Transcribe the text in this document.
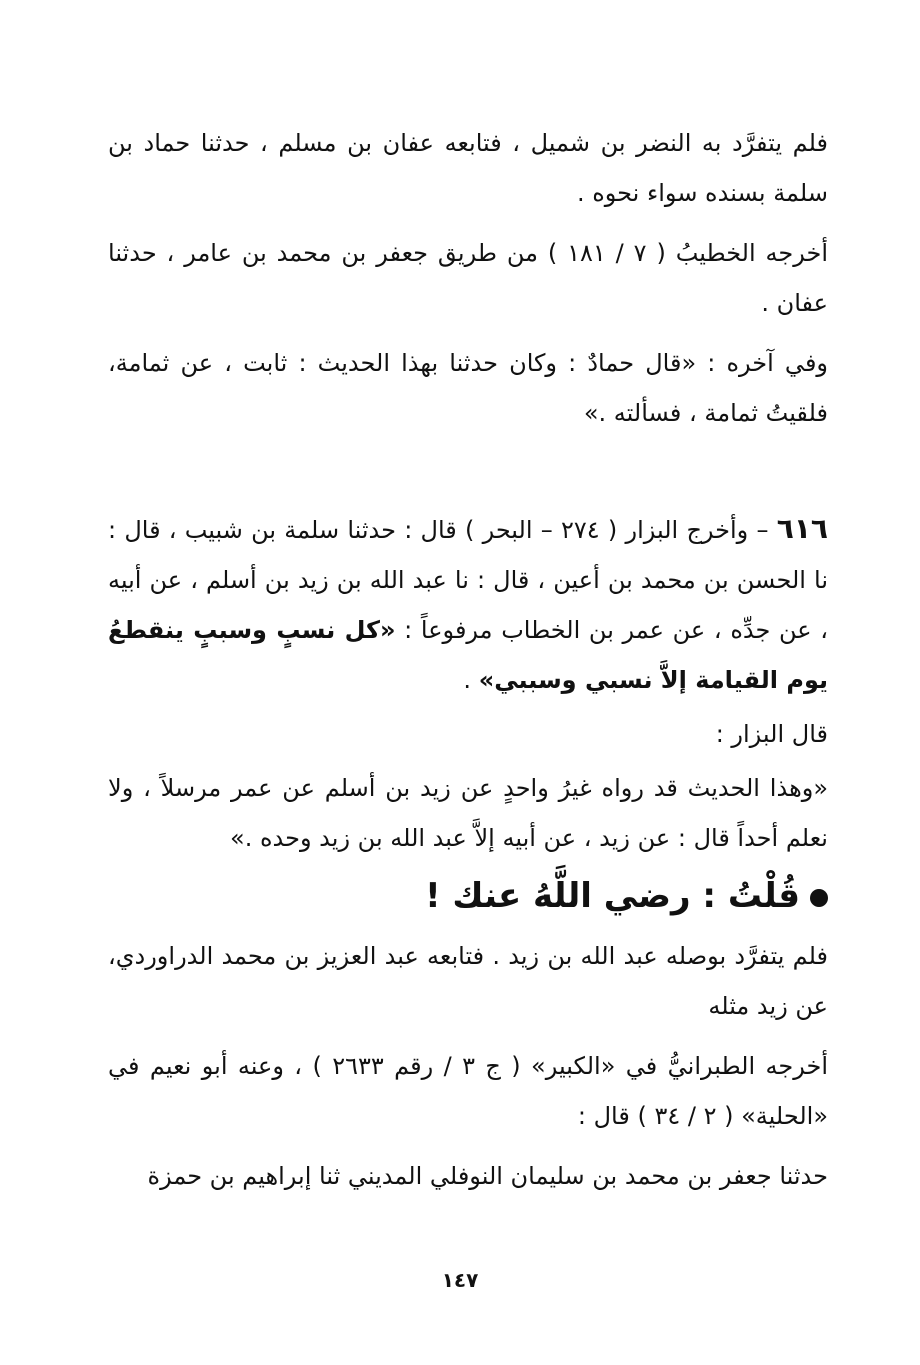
فلم يتفرَّد به النضر بن شميل ، فتابعه عفان بن مسلم ، حدثنا حماد بن سلمة بسنده سواء نحوه .

أخرجه الخطيبُ ( ٧ / ١٨١ ) من طريق جعفر بن محمد بن عامر ، حدثنا عفان .

وفي آخره : «قال حمادٌ : وكان حدثنا بهذا الحديث : ثابت ، عن ثمامة، فلقيتُ ثمامة ، فسألته .»

٦١٦ – وأخرج البزار ( ٢٧٤ – البحر ) قال : حدثنا سلمة بن شبيب ، قال : نا الحسن بن محمد بن أعين ، قال : نا عبد الله بن زيد بن أسلم ، عن أبيه ، عن جدِّه ، عن عمر بن الخطاب مرفوعاً : «كل نسبٍ وسببٍ ينقطعُ يوم القيامة إلاَّ نسبي وسببي» .

قال البزار :

«وهذا الحديث قد رواه غيرُ واحدٍ عن زيد بن أسلم عن عمر مرسلاً ، ولا نعلم أحداً قال : عن زيد ، عن أبيه إلاَّ عبد الله بن زيد وحده .»

قُلْتُ : رضي اللَّهُ عنك !

فلم يتفرَّد بوصله عبد الله بن زيد . فتابعه عبد العزيز بن محمد الدراوردي، عن زيد مثله

أخرجه الطبرانيُّ في «الكبير» ( ج ٣ / رقم ٢٦٣٣ ) ، وعنه أبو نعيم في «الحلية» ( ٢ / ٣٤ ) قال :

حدثنا جعفر بن محمد بن سليمان النوفلي المديني ثنا إبراهيم بن حمزة

١٤٧
